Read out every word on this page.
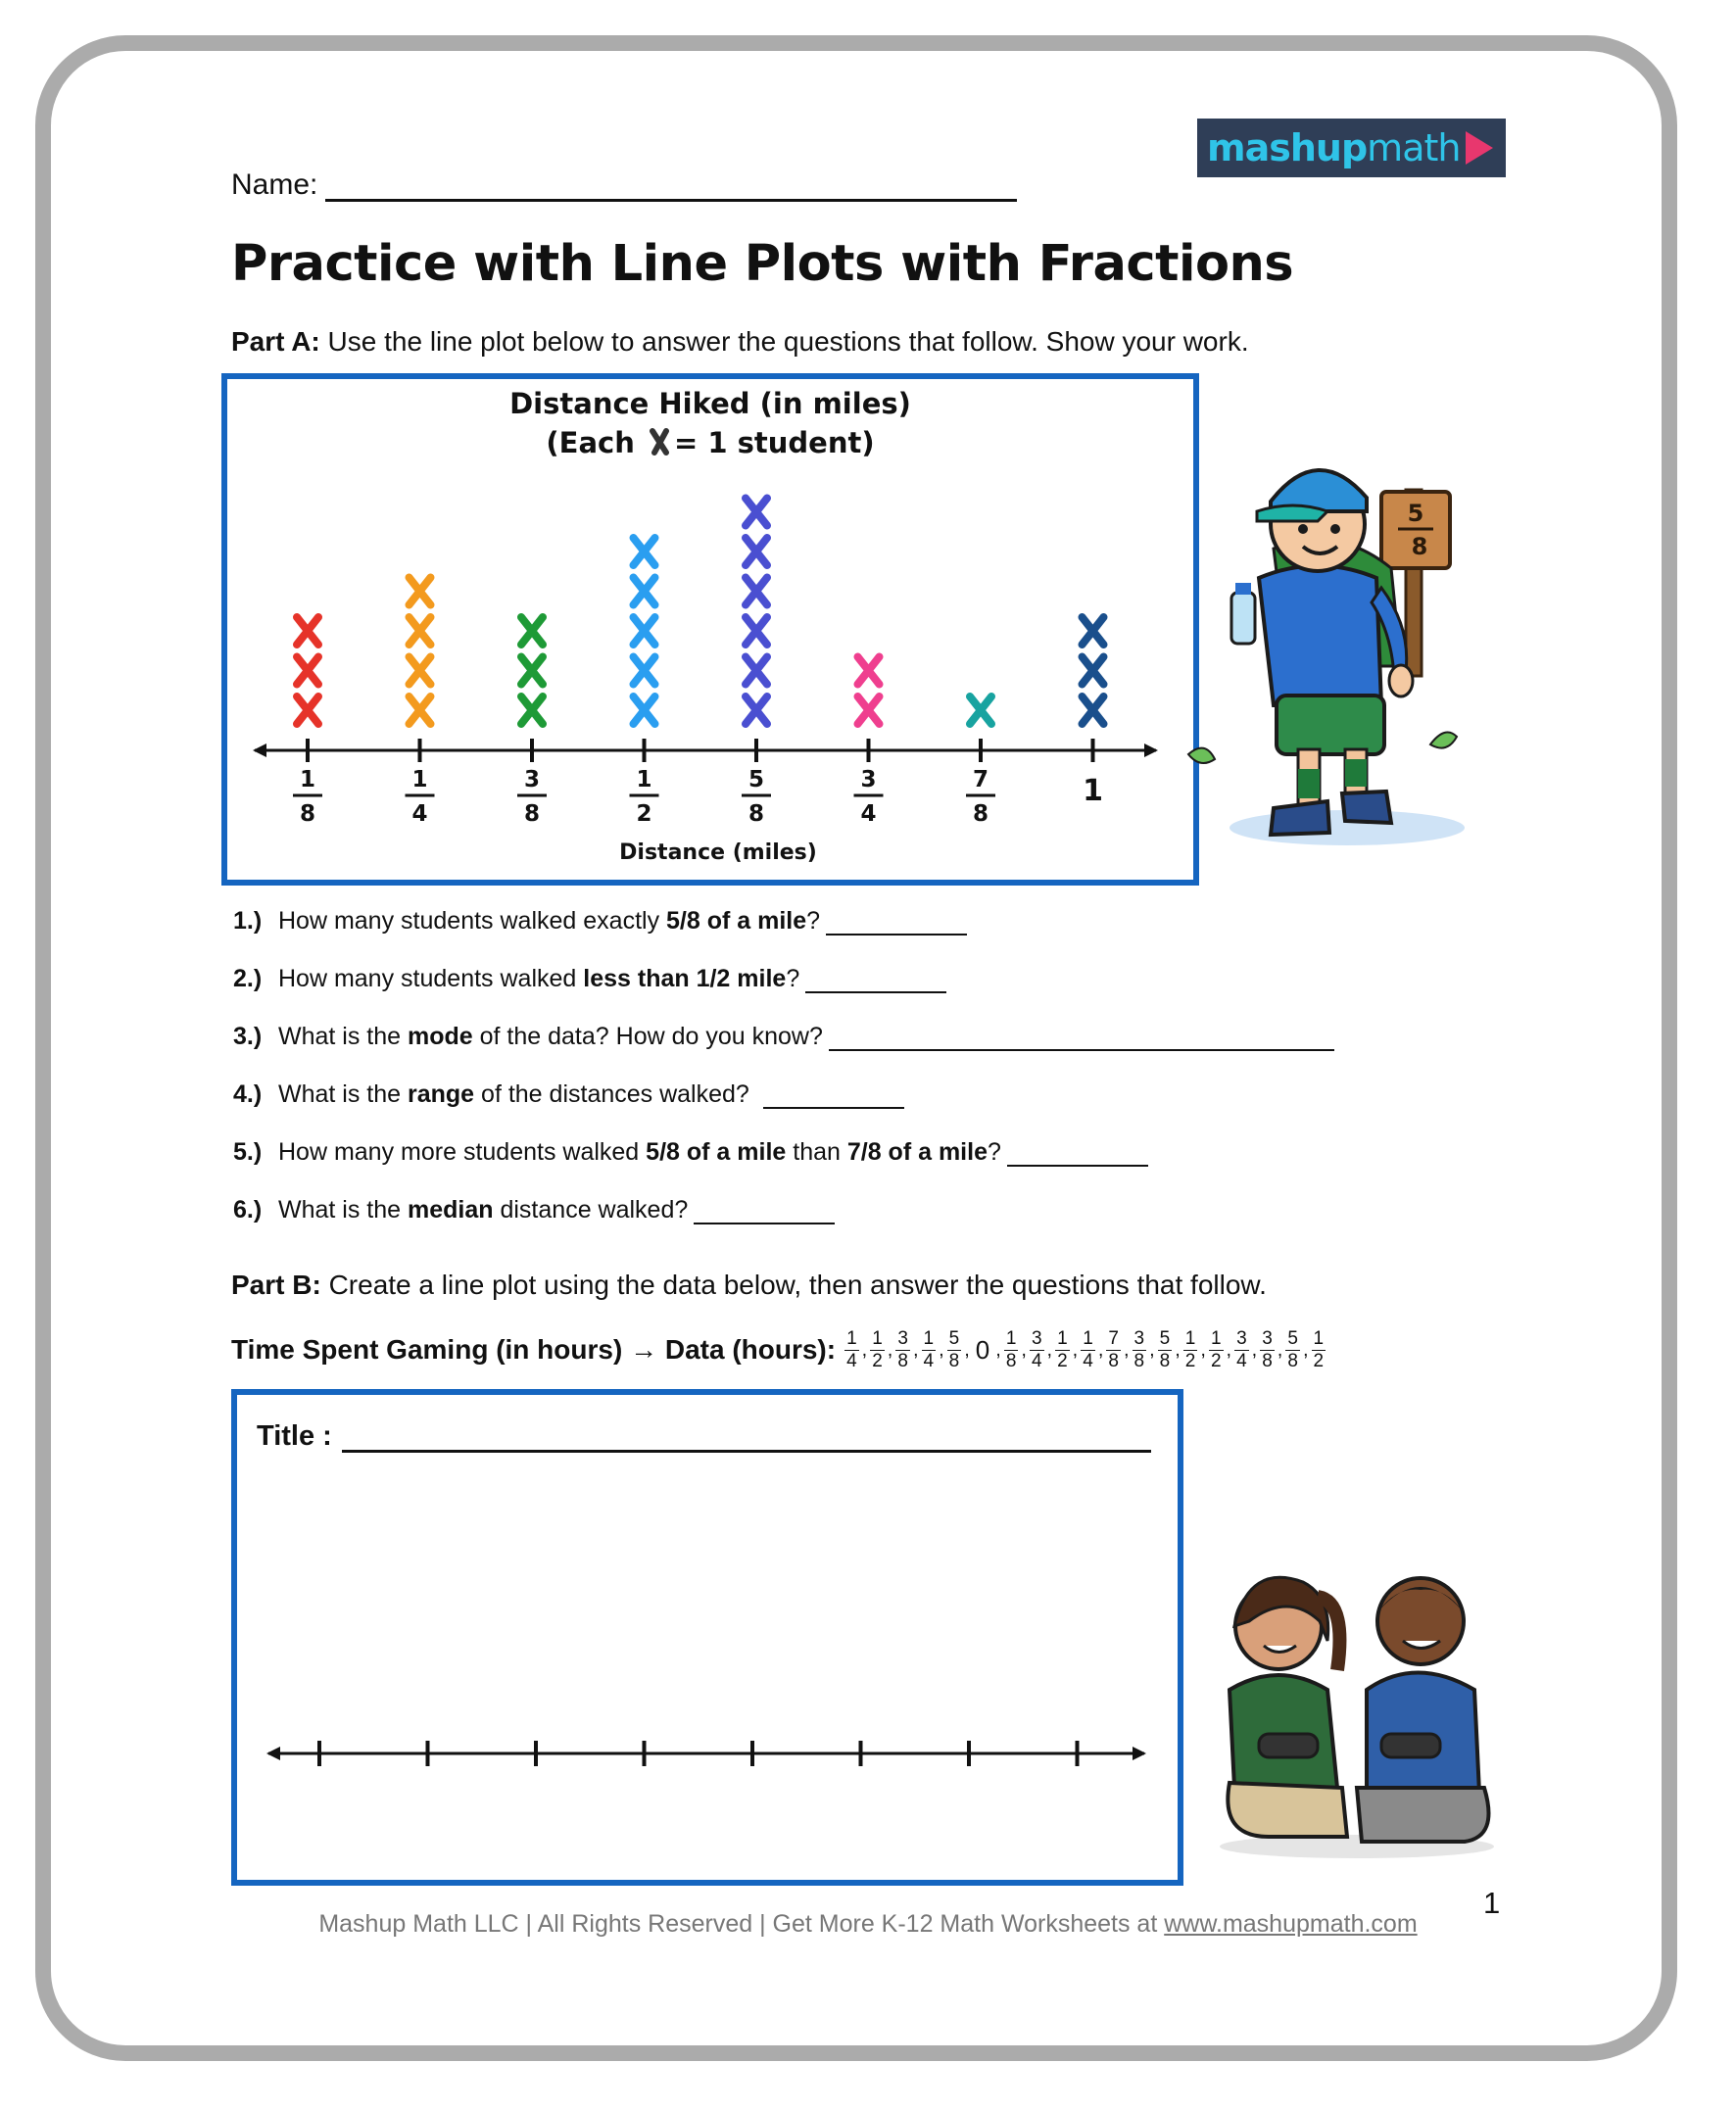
mashupmath
Name:
Practice with Line Plots with Fractions
Part A: Use the line plot below to answer the questions that follow. Show your work.
Distance Hiked (in miles)
(Each = 1 student)
1
8
1
4
3
8
1
2
5
8
3
4
7
8
1
Distance (miles)
5
8
1.) How many students walked exactly 5/8 of a mile?
2.) How many students walked less than 1/2 mile?
3.) What is the mode of the data? How do you know?
4.) What is the range of the distances walked?
5.) How many more students walked 5/8 of a mile than 7/8 of a mile?
6.) What is the median distance walked?
Part B: Create a line plot using the data below, then answer the questions that follow.
Time Spent Gaming (in hours) → Data (hours): $\frac{1}{4}$ , $\frac{1}{2}$ , $\frac{3}{8}$ , $\frac{1}{4}$ , $\frac{5}{8}$ , 0 , $\frac{1}{8}$ , $\frac{3}{4}$ , $\frac{1}{2}$ , $\frac{1}{4}$ , $\frac{7}{8}$ , $\frac{3}{8}$ , $\frac{5}{8}$ , $\frac{1}{2}$ , $\frac{1}{2}$ , $\frac{3}{4}$ , $\frac{3}{8}$ , $\frac{5}{8}$ , $\frac{1}{2}$
Title :
1
Mashup Math LLC | All Rights Reserved | Get More K-12 Math Worksheets at www.mashupmath.com
